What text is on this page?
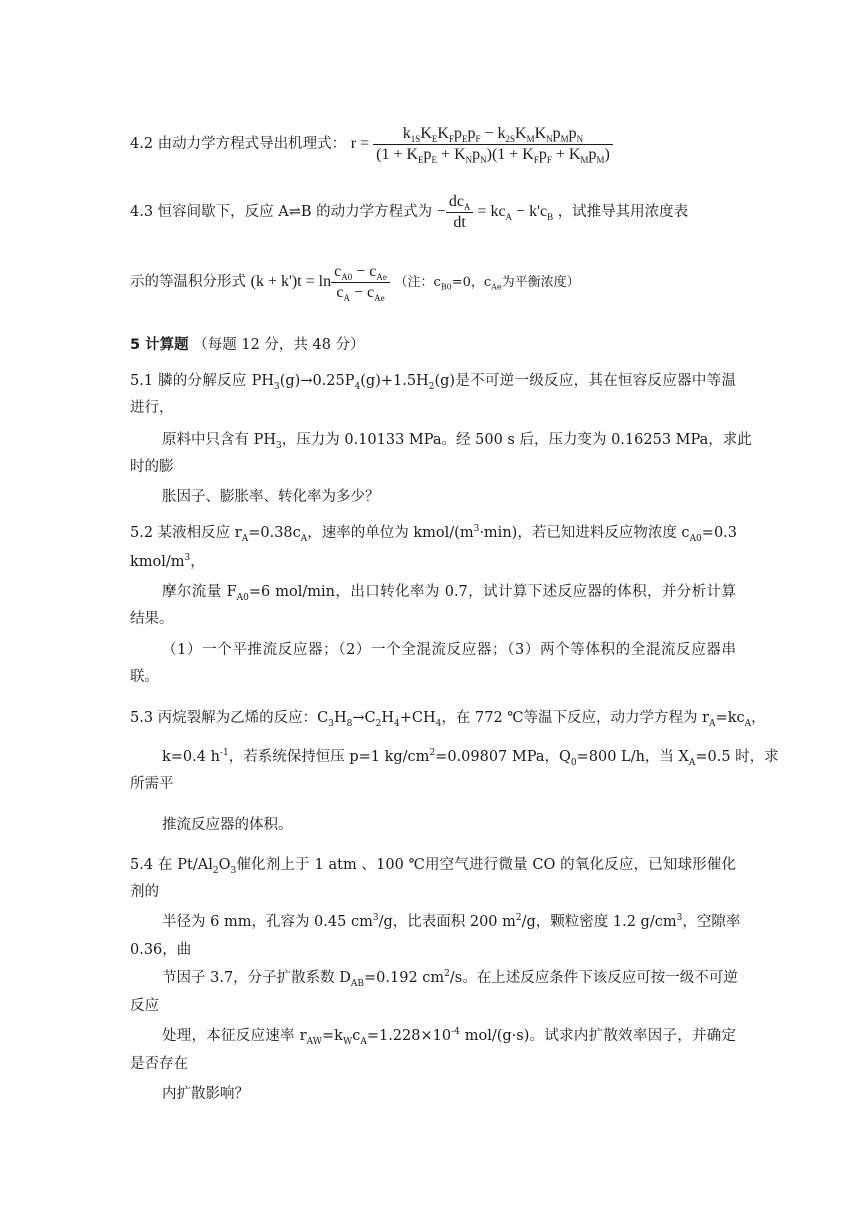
4.2 由动力学方程式导出机理式： $r = \frac{k_{1S}K_EK_Fp_Ep_F - k_{2S}K_MK_Np_Mp_N}{(1 + K_Ep_E + K_Np_N)(1 + K_Fp_F + K_Mp_M)}$
4.3 恒容间歇下，反应 A⇌B 的动力学方程式为 − $\frac{dc_A}{dt} = kc_A - k'c_B$ ，试推导其用浓度表
示的等温积分形式 $(k + k')t = \ln \frac{c_{A0} - c_{Ae}}{c_A - c_{Ae}}$ （注：$c_{B0}=0$，$c_{Ae}$为平衡浓度）
5 计算题 （每题 12 分，共 48 分）
5.1 膦的分解反应 $PH_3(g)\to 0.25P_4(g)+1.5H_2(g)$是不可逆一级反应，其在恒容反应器中等温
进行，
原料中只含有 $PH_3$，压力为 0.10133 MPa。经 500 s 后，压力变为 0.16253 MPa，求此
时的膨
胀因子、膨胀率、转化率为多少？
5.2 某液相反应 $r_A=0.38c_A$，速率的单位为 kmol/$(m^3\cdot\min)$，若已知进料反应物浓度 $c_{A0}=0.3$
kmol/$m^3$，
摩尔流量 $F_{A0}=6$ mol/min，出口转化率为 0.7，试计算下述反应器的体积，并分析计算
结果。
（1）一个平推流反应器；（2）一个全混流反应器；（3）两个等体积的全混流反应器串
联。
5.3 丙烷裂解为乙烯的反应：$C_3H_8\to C_2H_4+CH_4$，在 772 ℃等温下反应，动力学方程为 $r_A=kc_A$，
k=0.4 $h^{-1}$，若系统保持恒压 p=1 $kg/cm^2=0.09807$ MPa，$Q_0=800$ L/h，当 $X_A=0.5$ 时，求
所需平
推流反应器的体积。
5.4 在 $Pt/Al_2O_3$催化剂上于 1 atm 、100 ℃用空气进行微量 CO 的氧化反应，已知球形催化
剂的
半径为 6 mm，孔容为 0.45 $cm^3/g$，比表面积 200 $m^2/g$，颗粒密度 1.2 $g/cm^3$，空隙率
0.36，曲
节因子 3.7，分子扩散系数 $D_{AB}=0.192$ $cm^2/s$。在上述反应条件下该反应可按一级不可逆
反应
处理，本征反应速率 $r_{AW}=k_Wc_A=1.228\times 10^{-4}$ mol/(g·s)。试求内扩散效率因子，并确定
是否存在
内扩散影响？
